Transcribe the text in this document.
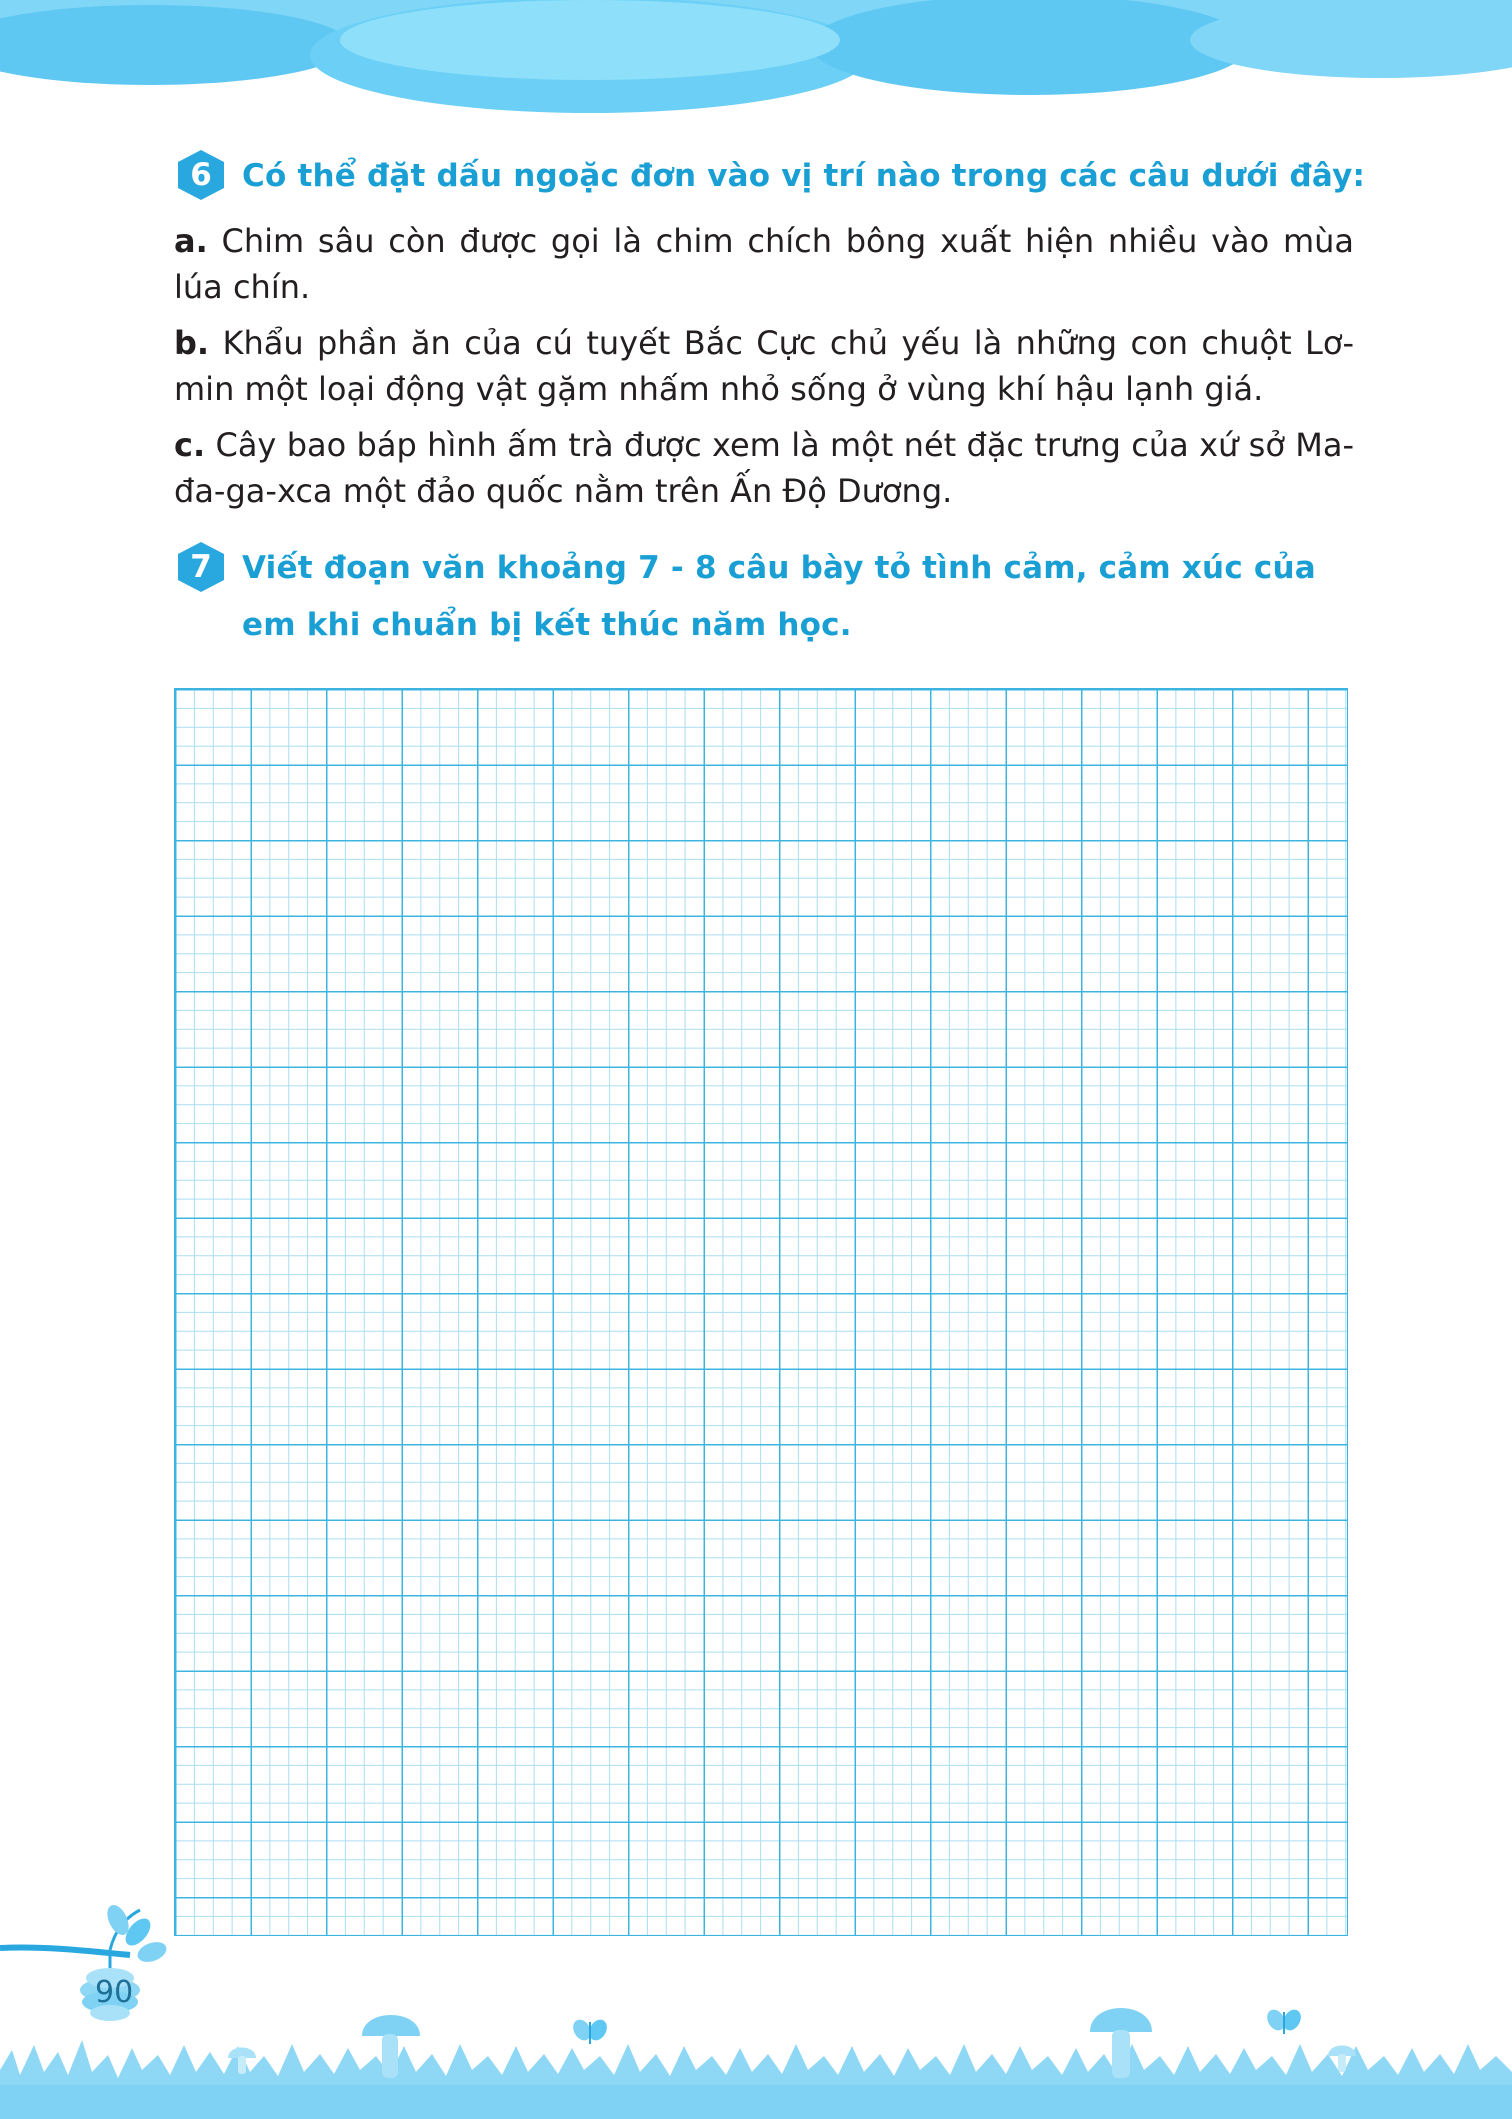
6 Có thể đặt dấu ngoặc đơn vào vị trí nào trong các câu dưới đây:
a. Chim sâu còn được gọi là chim chích bông xuất hiện nhiều vào mùa lúa chín.
b. Khẩu phần ăn của cú tuyết Bắc Cực chủ yếu là những con chuột Lơ-min một loại động vật gặm nhấm nhỏ sống ở vùng khí hậu lạnh giá.
c. Cây bao báp hình ấm trà được xem là một nét đặc trưng của xứ sở Ma-đa-ga-xca một đảo quốc nằm trên Ấn Độ Dương.
7 Viết đoạn văn khoảng 7 - 8 câu bày tỏ tình cảm, cảm xúc của em khi chuẩn bị kết thúc năm học.
90
